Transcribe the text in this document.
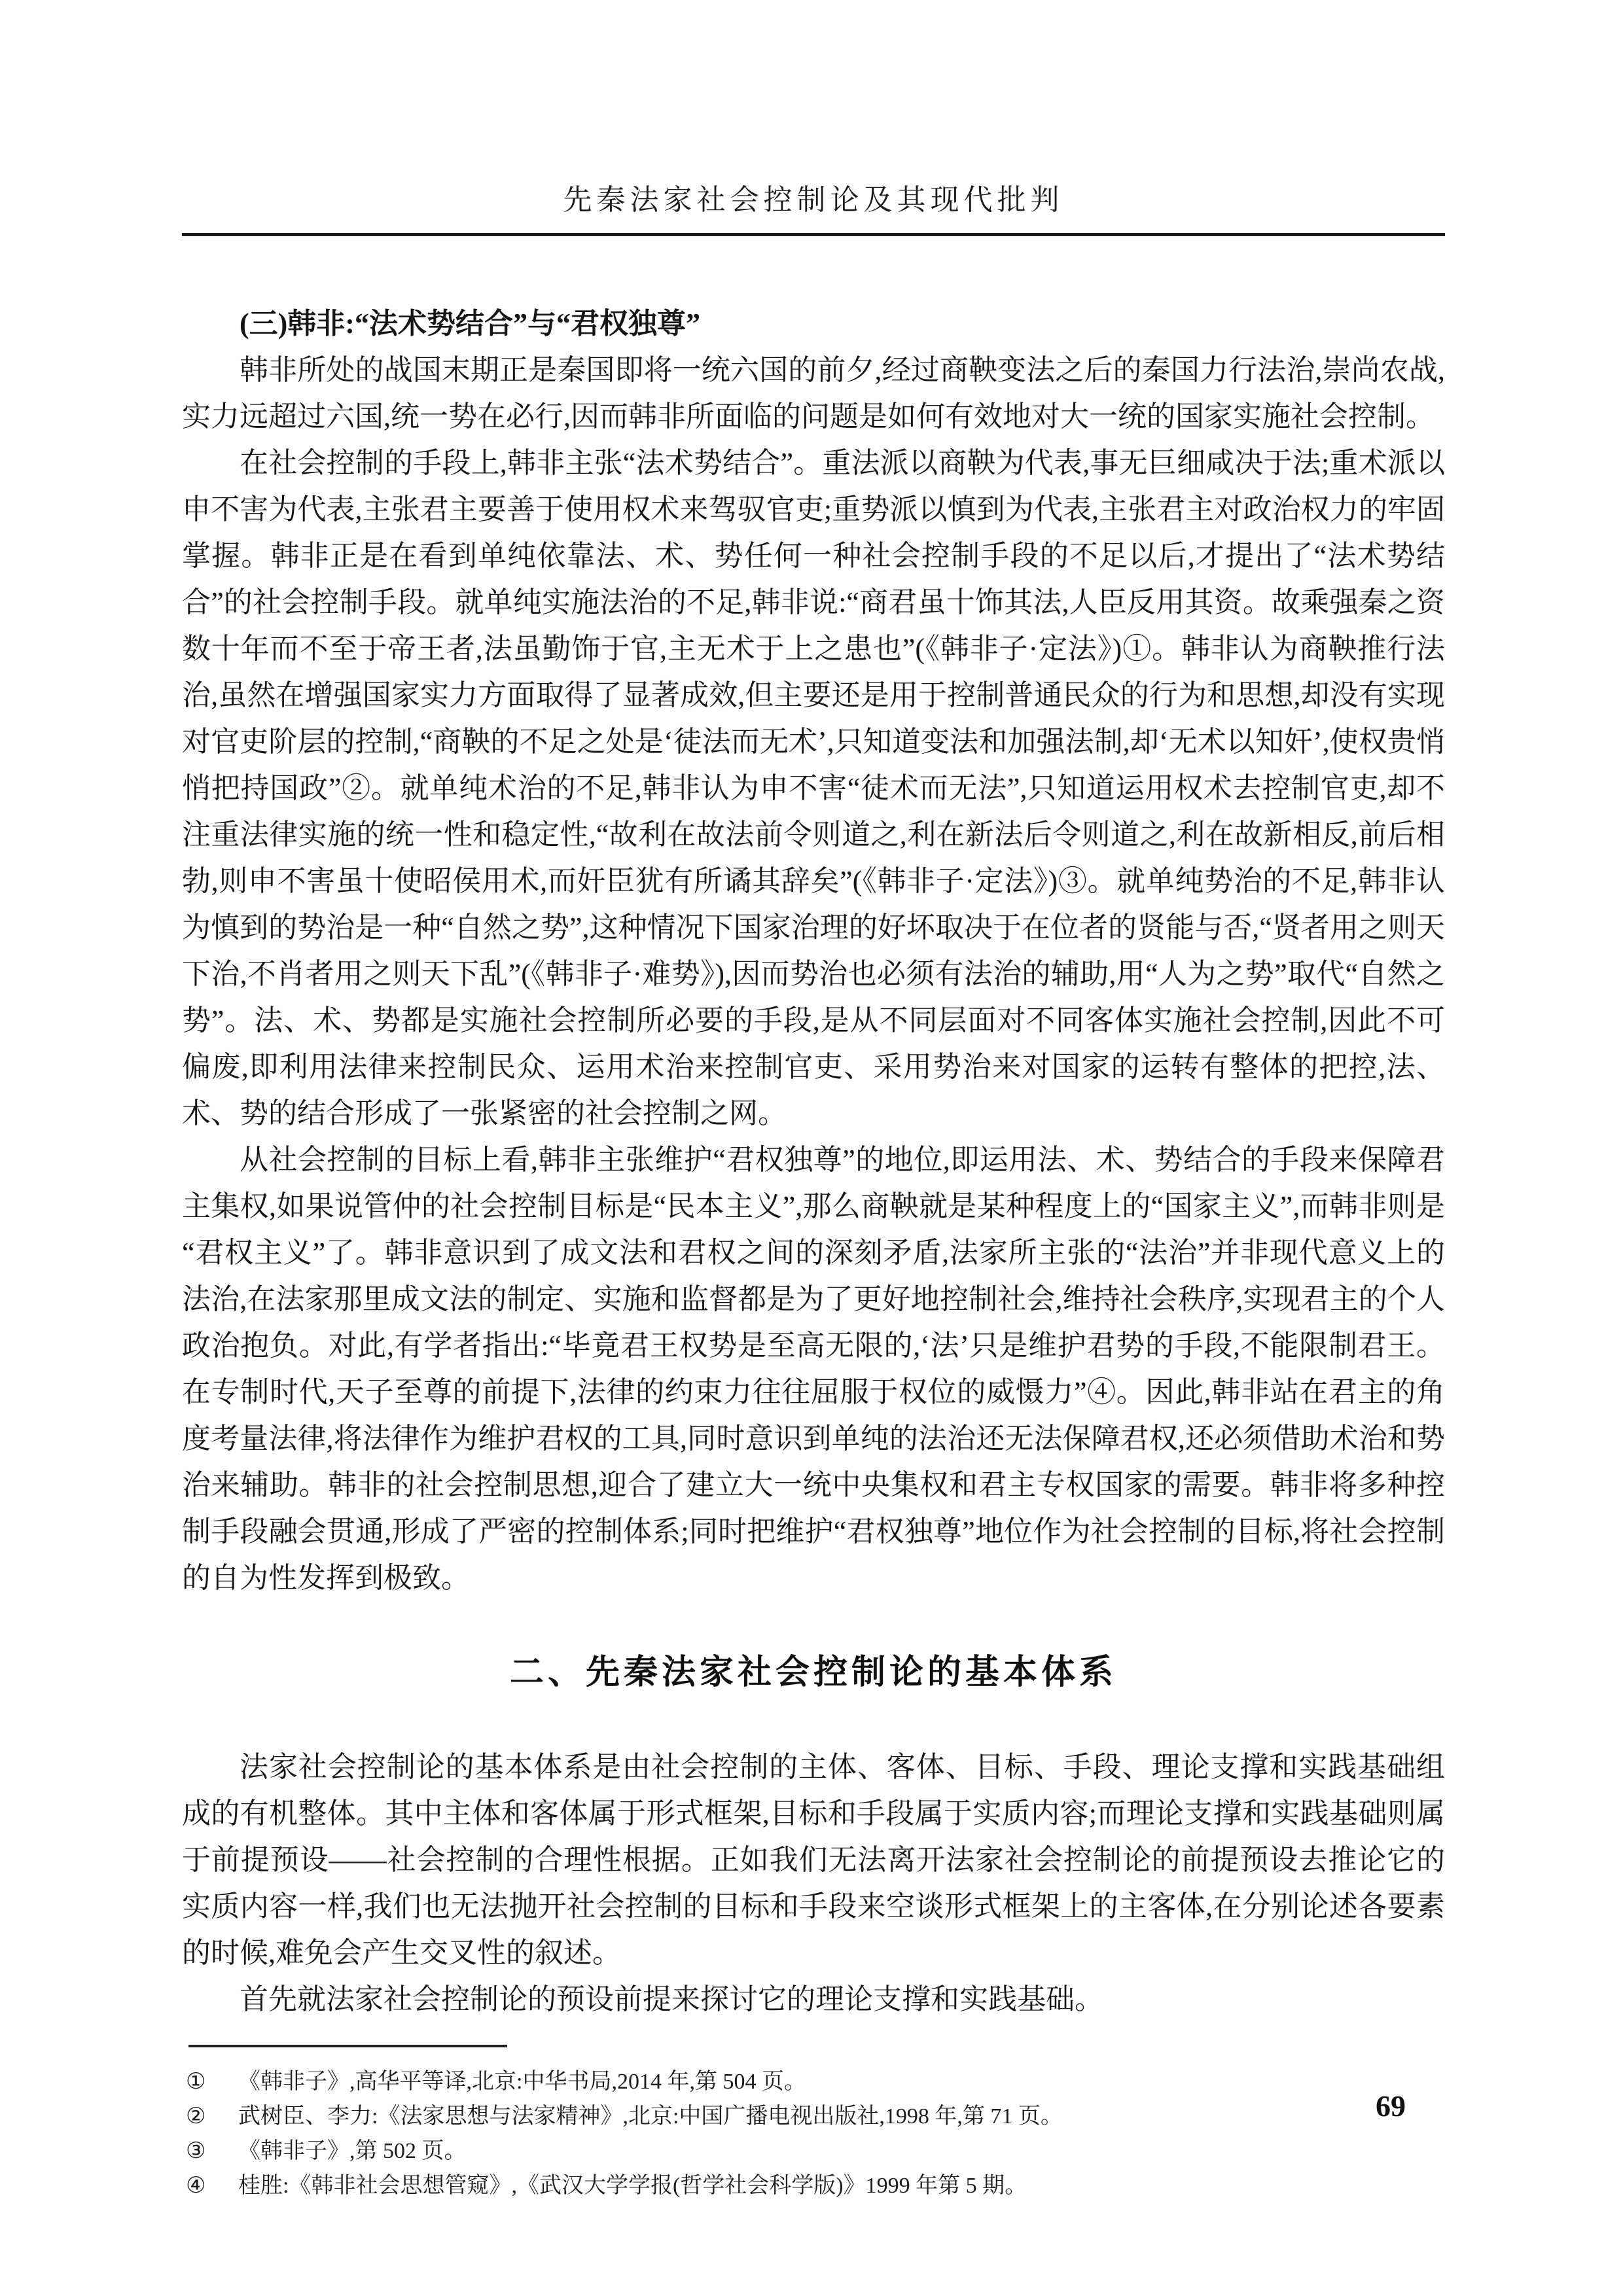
先秦法家社会控制论及其现代批判

(三)韩非:“法术势结合”与“君权独尊”

韩非所处的战国末期正是秦国即将一统六国的前夕,经过商鞅变法之后的秦国力行法治,崇尚农战,实力远超过六国,统一势在必行,因而韩非所面临的问题是如何有效地对大一统的国家实施社会控制。

在社会控制的手段上,韩非主张“法术势结合”。重法派以商鞅为代表,事无巨细咸决于法;重术派以申不害为代表,主张君主要善于使用权术来驾驭官吏;重势派以慎到为代表,主张君主对政治权力的牢固掌握。韩非正是在看到单纯依靠法、术、势任何一种社会控制手段的不足以后,才提出了“法术势结合”的社会控制手段。就单纯实施法治的不足,韩非说:“商君虽十饰其法,人臣反用其资。故乘强秦之资数十年而不至于帝王者,法虽勤饰于官,主无术于上之患也”(《韩非子·定法》)①。韩非认为商鞅推行法治,虽然在增强国家实力方面取得了显著成效,但主要还是用于控制普通民众的行为和思想,却没有实现对官吏阶层的控制,“商鞅的不足之处是‘徒法而无术’,只知道变法和加强法制,却‘无术以知奸’,使权贵悄悄把持国政”②。就单纯术治的不足,韩非认为申不害“徒术而无法”,只知道运用权术去控制官吏,却不注重法律实施的统一性和稳定性,“故利在故法前令则道之,利在新法后令则道之,利在故新相反,前后相勃,则申不害虽十使昭侯用术,而奸臣犹有所谲其辞矣”(《韩非子·定法》)③。就单纯势治的不足,韩非认为慎到的势治是一种“自然之势”,这种情况下国家治理的好坏取决于在位者的贤能与否,“贤者用之则天下治,不肖者用之则天下乱”(《韩非子·难势》),因而势治也必须有法治的辅助,用“人为之势”取代“自然之势”。法、术、势都是实施社会控制所必要的手段,是从不同层面对不同客体实施社会控制,因此不可偏废,即利用法律来控制民众、运用术治来控制官吏、采用势治来对国家的运转有整体的把控,法、术、势的结合形成了一张紧密的社会控制之网。

从社会控制的目标上看,韩非主张维护“君权独尊”的地位,即运用法、术、势结合的手段来保障君主集权,如果说管仲的社会控制目标是“民本主义”,那么商鞅就是某种程度上的“国家主义”,而韩非则是“君权主义”了。韩非意识到了成文法和君权之间的深刻矛盾,法家所主张的“法治”并非现代意义上的法治,在法家那里成文法的制定、实施和监督都是为了更好地控制社会,维持社会秩序,实现君主的个人政治抱负。对此,有学者指出:“毕竟君王权势是至高无限的,‘法’只是维护君势的手段,不能限制君王。在专制时代,天子至尊的前提下,法律的约束力往往屈服于权位的威慑力”④。因此,韩非站在君主的角度考量法律,将法律作为维护君权的工具,同时意识到单纯的法治还无法保障君权,还必须借助术治和势治来辅助。韩非的社会控制思想,迎合了建立大一统中央集权和君主专权国家的需要。韩非将多种控制手段融会贯通,形成了严密的控制体系;同时把维护“君权独尊”地位作为社会控制的目标,将社会控制的自为性发挥到极致。

二、先秦法家社会控制论的基本体系

法家社会控制论的基本体系是由社会控制的主体、客体、目标、手段、理论支撑和实践基础组成的有机整体。其中主体和客体属于形式框架,目标和手段属于实质内容;而理论支撑和实践基础则属于前提预设——社会控制的合理性根据。正如我们无法离开法家社会控制论的前提预设去推论它的实质内容一样,我们也无法抛开社会控制的目标和手段来空谈形式框架上的主客体,在分别论述各要素的时候,难免会产生交叉性的叙述。

首先就法家社会控制论的预设前提来探讨它的理论支撑和实践基础。

①	《韩非子》,高华平等译,北京:中华书局,2014 年,第 504 页。
②	武树臣、李力:《法家思想与法家精神》,北京:中国广播电视出版社,1998 年,第 71 页。
③	《韩非子》,第 502 页。
④	桂胜:《韩非社会思想管窥》,《武汉大学学报(哲学社会科学版)》1999 年第 5 期。
69
